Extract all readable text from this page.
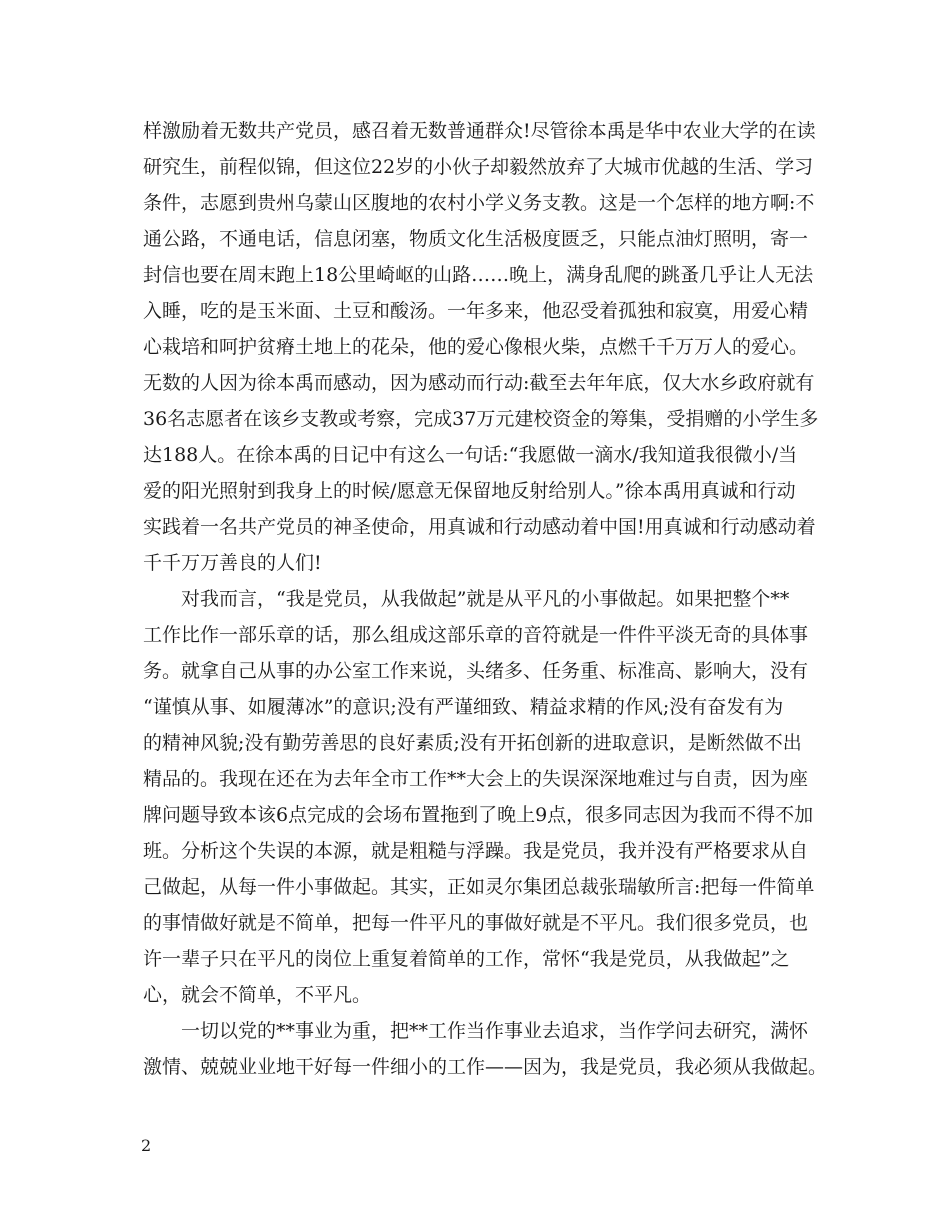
样激励着无数共产党员，感召着无数普通群众!尽管徐本禹是华中农业大学的在读
研究生，前程似锦，但这位22岁的小伙子却毅然放弃了大城市优越的生活、学习
条件，志愿到贵州乌蒙山区腹地的农村小学义务支教。这是一个怎样的地方啊:不
通公路，不通电话，信息闭塞，物质文化生活极度匮乏，只能点油灯照明，寄一
封信也要在周末跑上18公里崎岖的山路……晚上，满身乱爬的跳蚤几乎让人无法
入睡，吃的是玉米面、土豆和酸汤。一年多来，他忍受着孤独和寂寞，用爱心精
心栽培和呵护贫瘠土地上的花朵，他的爱心像根火柴，点燃千千万万人的爱心。
无数的人因为徐本禹而感动，因为感动而行动:截至去年年底，仅大水乡政府就有
36名志愿者在该乡支教或考察，完成37万元建校资金的筹集，受捐赠的小学生多
达188人。在徐本禹的日记中有这么一句话:“我愿做一滴水/我知道我很微小/当
爱的阳光照射到我身上的时候/愿意无保留地反射给别人。”徐本禹用真诚和行动
实践着一名共产党员的神圣使命，用真诚和行动感动着中国!用真诚和行动感动着
千千万万善良的人们!
　　对我而言，“我是党员，从我做起”就是从平凡的小事做起。如果把整个**
工作比作一部乐章的话，那么组成这部乐章的音符就是一件件平淡无奇的具体事
务。就拿自己从事的办公室工作来说，头绪多、任务重、标准高、影响大，没有
“谨慎从事、如履薄冰”的意识;没有严谨细致、精益求精的作风;没有奋发有为
的精神风貌;没有勤劳善思的良好素质;没有开拓创新的进取意识，是断然做不出
精品的。我现在还在为去年全市工作**大会上的失误深深地难过与自责，因为座
牌问题导致本该6点完成的会场布置拖到了晚上9点，很多同志因为我而不得不加
班。分析这个失误的本源，就是粗糙与浮躁。我是党员，我并没有严格要求从自
己做起，从每一件小事做起。其实，正如灵尔集团总裁张瑞敏所言:把每一件简单
的事情做好就是不简单，把每一件平凡的事做好就是不平凡。我们很多党员，也
许一辈子只在平凡的岗位上重复着简单的工作，常怀“我是党员，从我做起”之
心，就会不简单，不平凡。
　　一切以党的**事业为重，把**工作当作事业去追求，当作学问去研究，满怀
激情、兢兢业业地干好每一件细小的工作——因为，我是党员，我必须从我做起。
2
